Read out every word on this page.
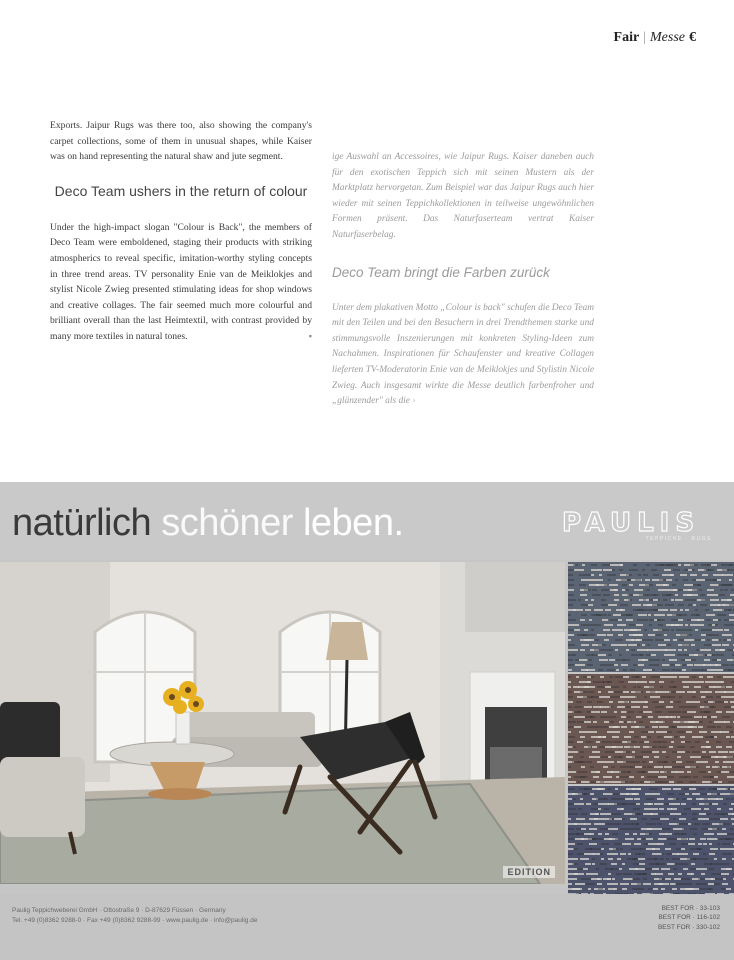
Fair | Messe €

Exports. Jaipur Rugs was there too, also showing the company's carpet collections, some of them in unusual shapes, while Kaiser was on hand representing the natural shaw and jute segment.

Deco Team ushers in the return of colour

Under the high-impact slogan "Colour is Back", the members of Deco Team were emboldened, staging their products with striking atmospherics to reveal specific, imitation-worthy styling concepts in three trend areas. TV personality Enie van de Meiklokjes and stylist Nicole Zwieg presented stimulating ideas for shop windows and creative collages. The fair seemed much more colourful and brilliant overall than the last Heimtextil, with contrast provided by many more textiles in natural tones.	▪

ige Auswahl an Accessoires, wie Jaipur Rugs. Kaiser daneben auch für den exotischen Teppich sich mit seinen Mustern als der Marktplatz hervorgetan. Zum Beispiel war das Jaipur Rugs auch hier wieder mit seinen Teppichkollektionen in teilweise ungewöhnlichen Formen präsent. Das Naturfaserteam vertrat Kaiser Naturfaserbelag.

Deco Team bringt die Farben zurück

Unter dem plakativen Motto „Colour is back" schufen die Deco Team mit den Teilen und bei den Besuchern in drei Trendthemen starke und stimmungsvolle Inszenierungen mit konkreten Styling-Ideen zum Nachahmen. Inspirationen für Schaufenster und kreative Collagen lieferten TV-Moderatorin Enie van de Meiklokjes und Stylistin Nicole Zwieg. Auch insgesamt wirkte die Messe deutlich farbenfroher und „glänzender" als die ›

natürlich schöner leben.	PAULIS
TEPPICHE · RUGS
EDITION
Paulig Teppichweberei GmbH · Ottostraße 9 · D-87629 Füssen · Germany
Tel. +49 (0)8362 9288-0 · Fax +49 (0)8362 9288-99 · www.paulig.de · info@paulig.de
BEST FOR · 33-103
BEST FOR · 116-102
BEST FOR · 330-102
